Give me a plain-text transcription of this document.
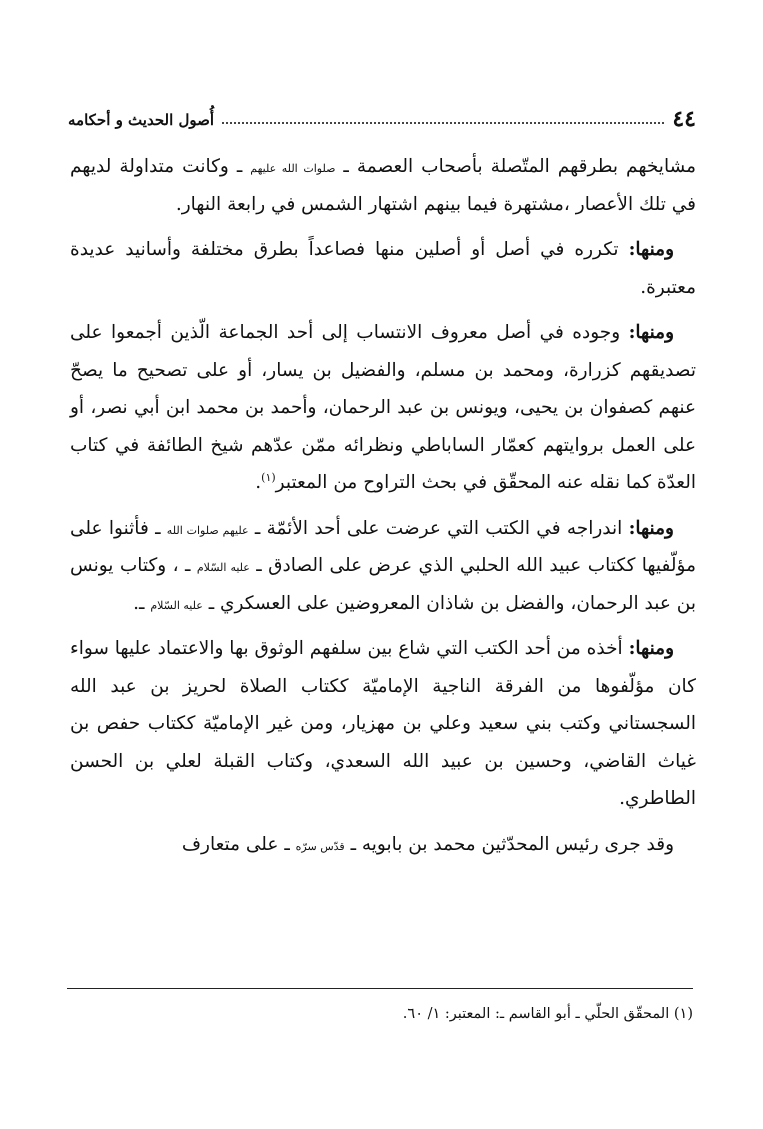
٤٤
أُصول الحديث و أحكامه

مشايخهم بطرقهم المتّصلة بأصحاب العصمة ـ صلوات الله عليهم ـ وكانت متداولة لديهم في تلك الأعصار ،مشتهرة فيما بينهم اشتهار الشمس في رابعة النهار.

ومنها: تكرره في أصل أو أصلين منها فصاعداً بطرق مختلفة وأسانيد عديدة معتبرة.

ومنها: وجوده في أصل معروف الانتساب إلى أحد الجماعة الّذين أجمعوا على تصديقهم كزرارة، ومحمد بن مسلم، والفضيل بن يسار، أو على تصحيح ما يصحّ عنهم كصفوان بن يحيى، ويونس بن عبد الرحمان، وأحمد بن محمد ابن أبي نصر، أو على العمل بروايتهم كعمّار الساباطي ونظرائه ممّن عدّهم شيخ الطائفة في كتاب العدّة كما نقله عنه المحقّق في بحث التراوح من المعتبر$^{(١)}$.

ومنها: اندراجه في الكتب التي عرضت على أحد الأئمّة ـ عليهم صلوات الله ـ فأثنوا على مؤلّفيها ككتاب عبيد الله الحلبي الذي عرض على الصادق ـ عليه السّلام ـ ، وكتاب يونس بن عبد الرحمان، والفضل بن شاذان المعروضين على العسكري ـ عليه السّلام ـ.

ومنها: أخذه من أحد الكتب التي شاع بين سلفهم الوثوق بها والاعتماد عليها سواء كان مؤلّفوها من الفرقة الناجية الإماميّة ككتاب الصلاة لحريز بن عبد الله السجستاني وكتب بني سعيد وعلي بن مهزيار، ومن غير الإماميّة ككتاب حفص بن غياث القاضي، وحسين بن عبيد الله السعدي، وكتاب القبلة لعلي بن الحسن الطاطري.

وقد جرى رئيس المحدّثين محمد بن بابويه ـ قدّس سرّه ـ على متعارف

(١) المحقّق الحلّي ـ أبو القاسم ـ: المعتبر: ١/ ٦٠.
